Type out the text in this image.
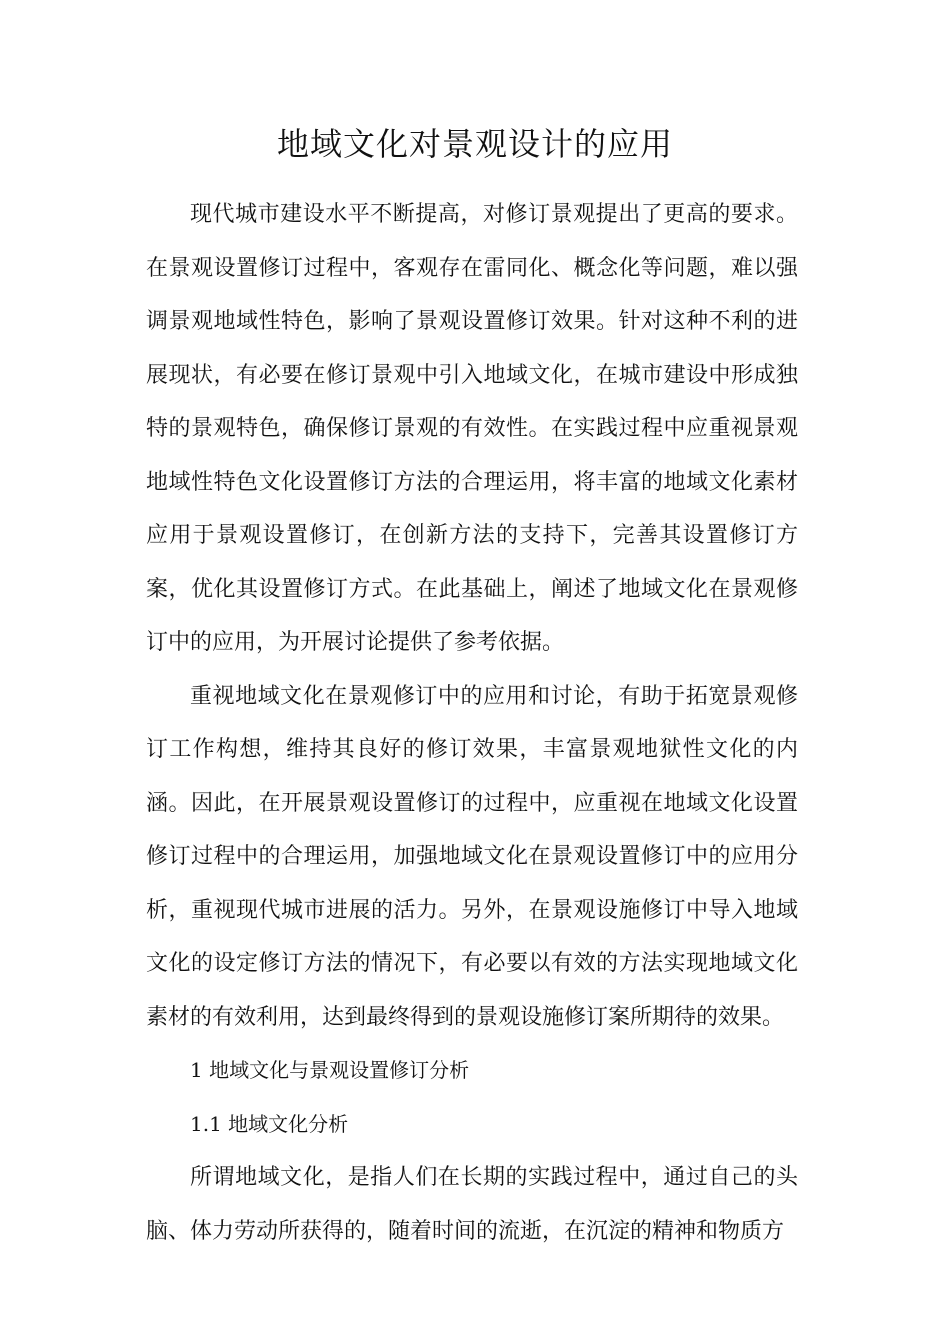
地域文化对景观设计的应用

现代城市建设水平不断提高，对修订景观提出了更高的要求。在景观设置修订过程中，客观存在雷同化、概念化等问题，难以强调景观地域性特色，影响了景观设置修订效果。针对这种不利的进展现状，有必要在修订景观中引入地域文化，在城市建设中形成独特的景观特色，确保修订景观的有效性。在实践过程中应重视景观地域性特色文化设置修订方法的合理运用，将丰富的地域文化素材应用于景观设置修订，在创新方法的支持下，完善其设置修订方案，优化其设置修订方式。在此基础上，阐述了地域文化在景观修订中的应用，为开展讨论提供了参考依据。

重视地域文化在景观修订中的应用和讨论，有助于拓宽景观修订工作构想，维持其良好的修订效果，丰富景观地狱性文化的内涵。因此，在开展景观设置修订的过程中，应重视在地域文化设置修订过程中的合理运用，加强地域文化在景观设置修订中的应用分析，重视现代城市进展的活力。另外，在景观设施修订中导入地域文化的设定修订方法的情况下，有必要以有效的方法实现地域文化素材的有效利用，达到最终得到的景观设施修订案所期待的效果。

1 地域文化与景观设置修订分析

1.1 地域文化分析

所谓地域文化，是指人们在长期的实践过程中，通过自己的头脑、体力劳动所获得的，随着时间的流逝，在沉淀的精神和物质方
